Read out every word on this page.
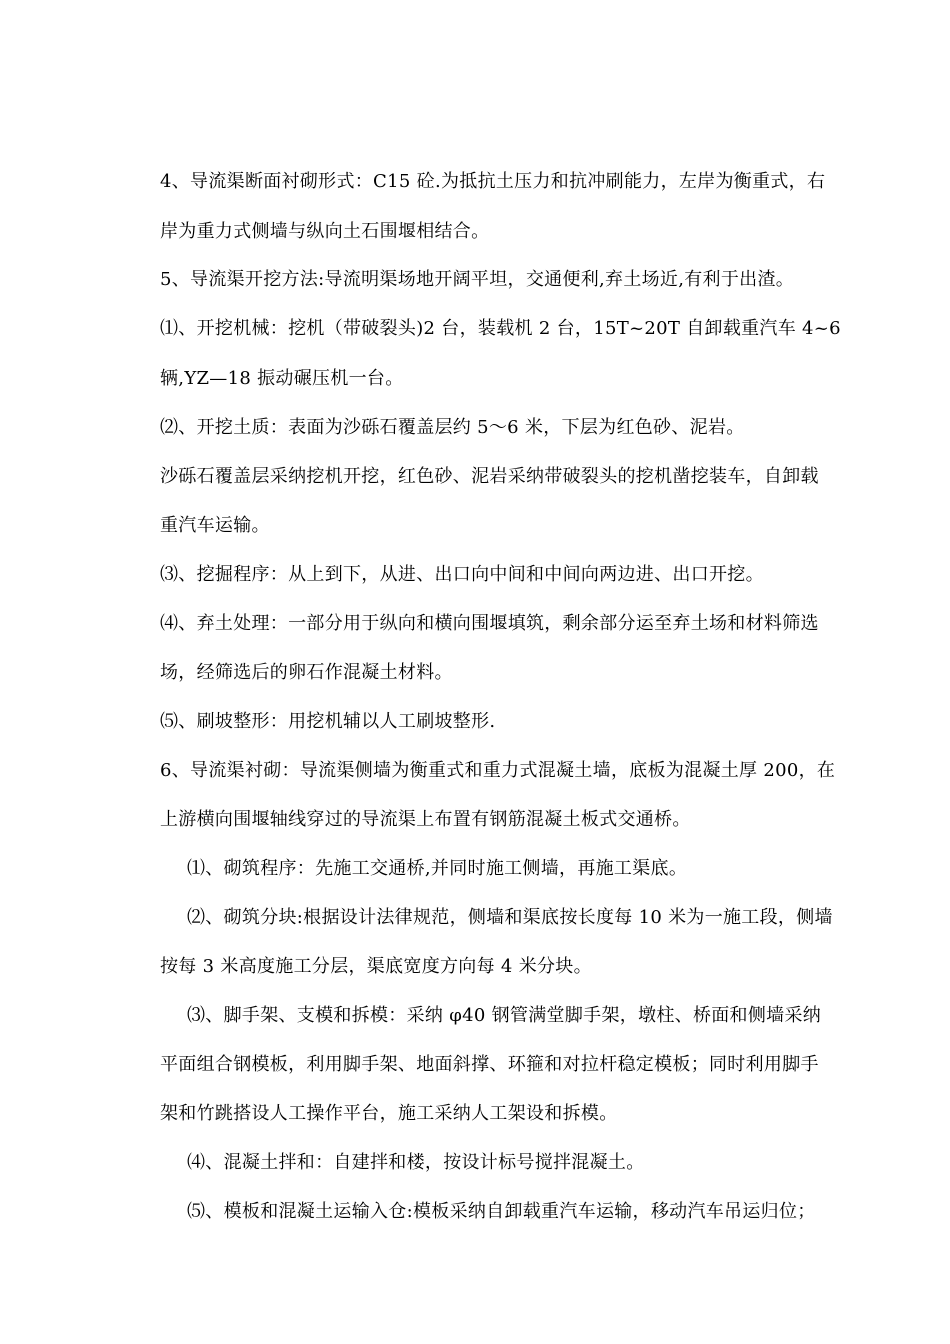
4、导流渠断面衬砌形式：C15 砼.为抵抗土压力和抗冲刷能力，左岸为衡重式，右
岸为重力式侧墙与纵向土石围堰相结合。
5、导流渠开挖方法:导流明渠场地开阔平坦，交通便利,弃土场近,有利于出渣。
⑴、开挖机械：挖机（带破裂头)2 台，装载机 2 台，15T~20T 自卸载重汽车 4~6
辆,YZ—18 振动碾压机一台。
⑵、开挖土质：表面为沙砾石覆盖层约 5～6 米，下层为红色砂、泥岩。
沙砾石覆盖层采纳挖机开挖，红色砂、泥岩采纳带破裂头的挖机凿挖装车，自卸载
重汽车运输。
⑶、挖掘程序：从上到下，从进、出口向中间和中间向两边进、出口开挖。
⑷、弃土处理：一部分用于纵向和横向围堰填筑，剩余部分运至弃土场和材料筛选
场，经筛选后的卵石作混凝土材料。
⑸、刷坡整形：用挖机辅以人工刷坡整形.
6、导流渠衬砌：导流渠侧墙为衡重式和重力式混凝土墙，底板为混凝土厚 200，在
上游横向围堰轴线穿过的导流渠上布置有钢筋混凝土板式交通桥。
⑴、砌筑程序：先施工交通桥,并同时施工侧墙，再施工渠底。
⑵、砌筑分块:根据设计法律规范，侧墙和渠底按长度每 10 米为一施工段，侧墙
按每 3 米高度施工分层，渠底宽度方向每 4 米分块。
⑶、脚手架、支模和拆模：采纳 φ40 钢管满堂脚手架，墩柱、桥面和侧墙采纳
平面组合钢模板，利用脚手架、地面斜撑、环箍和对拉杆稳定模板；同时利用脚手
架和竹跳搭设人工操作平台，施工采纳人工架设和拆模。
⑷、混凝土拌和：自建拌和楼，按设计标号搅拌混凝土。
⑸、模板和混凝土运输入仓:模板采纳自卸载重汽车运输，移动汽车吊运归位；
